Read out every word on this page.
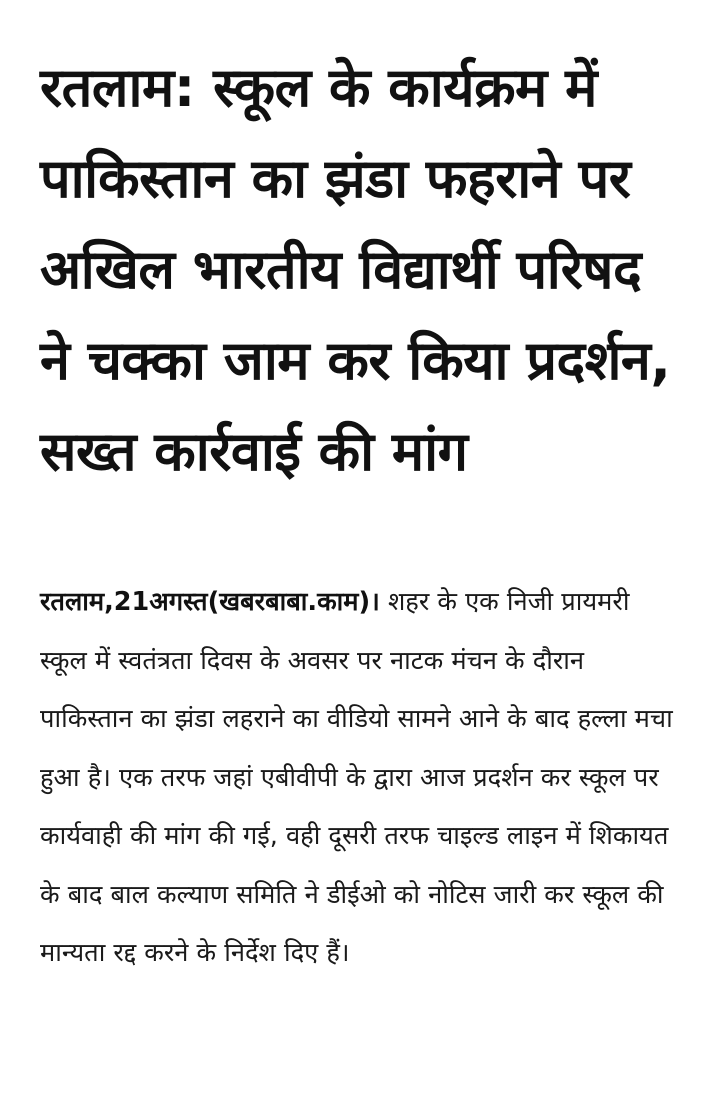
रतलाम: स्कूल के कार्यक्रम में पाकिस्तान का झंडा फहराने पर अखिल भारतीय विद्यार्थी परिषद ने चक्का जाम कर किया प्रदर्शन, सख्त कार्रवाई की मांग

रतलाम,21अगस्त(खबरबाबा.काम)। शहर के एक निजी प्रायमरी स्कूल में स्वतंत्रता दिवस के अवसर पर नाटक मंचन के दौरान पाकिस्तान का झंडा लहराने का वीडियो सामने आने के बाद हल्ला मचा हुआ है। एक तरफ जहां एबीवीपी के द्वारा आज प्रदर्शन कर स्कूल पर कार्यवाही की मांग की गई, वही दूसरी तरफ चाइल्ड लाइन में शिकायत के बाद बाल कल्याण समिति ने डीईओ को नोटिस जारी कर स्कूल की मान्यता रद्द करने के निर्देश दिए हैं।
